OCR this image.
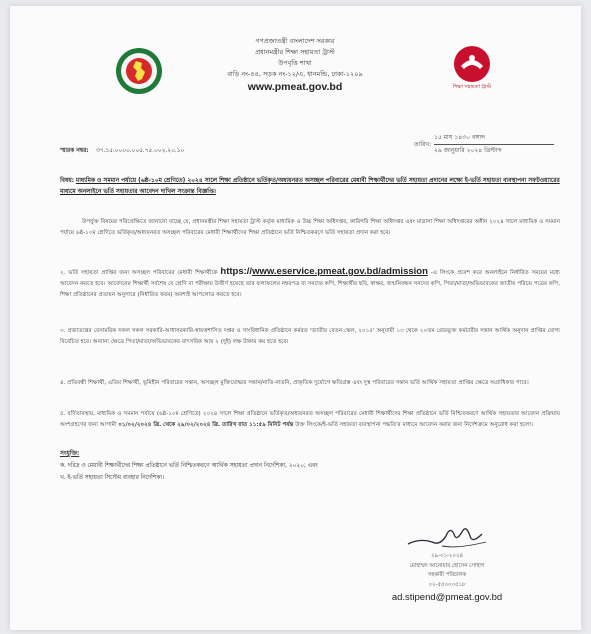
গণপ্রজাতন্ত্রী বাংলাদেশ সরকার
প্রধানমন্ত্রীর শিক্ষা সহায়তা ট্রাস্ট
উপবৃত্তি শাখা
বাড়ি নং-৪৪, সড়ক নং-১২/এ, ধানমন্ডি, ঢাকা-১২০৯
www.pmeat.gov.bd	শিক্ষা সহায়তা ট্রাস্ট
তারিখ:
১৫ মাঘ ১৪৩০ বঙ্গাব্দ
২৯ জানুয়ারি ২০২৪ খ্রিস্টাব্দ
স্মারক নম্বর: ৩৭.১৫.০০০০.০০৫.৭৫.০০২.২০.১০
বিষয়: মাধ্যমিক ও সমমান পর্যায়ে (৬ষ্ঠ-১০ম শ্রেণিতে) ২০২৪ সালে শিক্ষা প্রতিষ্ঠানে ভর্তিকৃত/অধ্যয়নরত অসচ্ছল পরিবারের মেধাবী শিক্ষার্থীদের ভর্তি সহায়তা প্রদানের লক্ষ্যে ই-ভর্তি সহায়তা ব্যবস্থাপনা সফটওয়্যারের মাধ্যমে অনলাইনে ভর্তি সহায়তার আবেদন দাখিল সংক্রান্ত বিজ্ঞপ্তি।
উপর্যুক্ত বিষয়ের পরিপ্রেক্ষিতে জানানো যাচ্ছে যে, প্রধানমন্ত্রীর শিক্ষা সহায়তা ট্রাস্ট কর্তৃক মাধ্যমিক ও উচ্চ শিক্ষা অধিদপ্তর, কারিগরি শিক্ষা অধিদপ্তর এবং মাদ্রাসা শিক্ষা অধিদপ্তরের অধীন ২০২৪ সালে মাধ্যমিক ও সমমান পর্যায়ে ৬ষ্ঠ-১০ম শ্রেণিতে ভর্তিকৃত/অধ্যয়নরত অসচ্ছল পরিবারের মেধাবী শিক্ষার্থীদের শিক্ষা প্রতিষ্ঠানে ভর্তি নিশ্চিতকরণে ভর্তি সহায়তা প্রদান করা হবে।
২. ভর্তি সহায়তা প্রাপ্তির জন্য অসচ্ছল পরিবারের মেধাবী শিক্ষার্থীকে https://www.eservice.pmeat.gov.bd/admission -এ লিংকে প্রবেশ করে অনলাইনে নির্ধারিত সময়ের মধ্যে আবেদন করতে হবে। আবেদনের শিক্ষার্থী সর্বশেষ যে শ্রেণি বা পরীক্ষায় উত্তীর্ণ হয়েছে তার ফলাফলের নম্বরপত্র বা সনদের কপি, শিক্ষার্থীর ছবি, স্বাক্ষর, জন্মনিবন্ধন সনদের কপি, পিতা/মাতা/অভিভাবকের জাতীয় পরিচয় পত্রের কপি, শিক্ষা প্রতিষ্ঠানের প্রত্যয়ন অনুসারে (নির্ধারিত ফরম) অবশ্যই আপলোড করতে হবে।
৩. প্রজাতন্ত্রের বেসামরিক সকল সকল সরকারি-আধাসরকারি-স্বায়ত্তশাসিত দপ্তর ও সাংবিধানিক প্রতিষ্ঠানে কর্মরত 'জাতীয় বেতন স্কেল, ২০১৫' অনুযায়ী ১৩ থেকে ২০তম গ্রেডভুক্ত কর্মচারীর সন্তান আর্থিক অনুদান প্রাপ্তির যোগ্য বিবেচিত হবে। অন্যান্য ক্ষেত্রে পিতা/মাতা/অভিভাবকের বাৎসরিক আয় ২ (দুই) লক্ষ টাকার কম হতে হবে।
৪. প্রতিবন্ধী শিক্ষার্থী, এতিম শিক্ষার্থী, ভূমিহীন পরিবারের সন্তান, অসচ্ছল মুক্তিযোদ্ধার সন্তান/নাতি-নাতনি, প্রাকৃতিক দুর্যোগে ক্ষতিগ্রস্ত এবং দুস্থ পরিবারের সন্তান ভর্তি আর্থিক সহায়তা প্রাপ্তির ক্ষেত্রে অগ্রাধিকার পাবে।
৫. বর্ণিতাবস্থায়, মাধ্যমিক ও সমমান পর্যায়ে (৬ষ্ঠ-১০ম শ্রেণিতে) ২০২৪ সালে শিক্ষা প্রতিষ্ঠানে ভর্তিকৃত/অধ্যয়নরত অসচ্ছল পরিবারের মেধাবী শিক্ষার্থীদের শিক্ষা প্রতিষ্ঠানে ভর্তি নিশ্চিতকরণে আর্থিক সহায়তার আবেদন প্রক্রিয়ায় অংশগ্রহণের জন্য আগামী ০১/০২/২০২৪ খ্রি. থেকে ২৯/০২/২০২৪ খ্রি. তারিখ রাত ১১:৫৯ মিনিট পর্যন্ত উক্ত লিংকে/ই-ভর্তি সহায়তা ব্যবস্থাপনা পদ্ধতি'র মাধ্যমে আবেদন করার জন্য নির্দেশক্রমে অনুরোধ করা হলো।
সংযুক্তি:
ক. দরিদ্র ও মেধাবী শিক্ষার্থীদের শিক্ষা প্রতিষ্ঠানে ভর্তি নিশ্চিতকরণে আর্থিক সহায়তা প্রদান নির্দেশিকা, ২০২০; এবং
খ. ই-ভর্তি সহায়তা সিস্টেম ব্যবহার নির্দেশিকা।
২৯-০১-২০২৪
মোহাম্মদ আনোয়ার হোসেন সোহাগ
সহকারী পরিচালক
০২-৫৫০০০৫১৮
ad.stipend@pmeat.gov.bd
